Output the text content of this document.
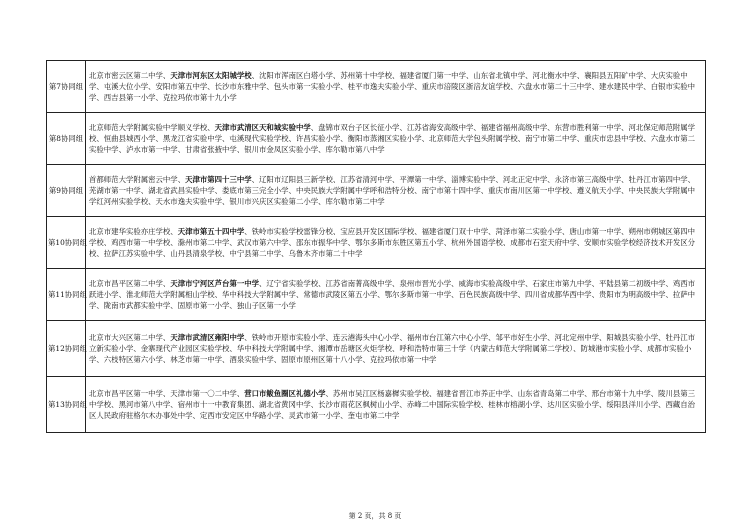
第7协同组	北京市密云区第二中学、天津市河东区太阳城学校、沈阳市浑南区白塔小学、苏州第十中学校、福建省厦门第一中学、山东省北镇中学、河北衡水中学、襄阳县五阳矿中学、大庆实验中学、屯溪大位小学、安阳市第五中学、长沙市东雅中学、包头市第一实验小学、桂平市逸夫实验小学、重庆市涪陵区浙涪友谊学校、六盘水市第二十三中学、建水建民中学、白银市实验中学、西吉县第一小学、克拉玛依市第十九小学
第8协同组	北京师范大学附属实验中学顺义学校、天津市武清区天和城实验中学、盘锦市双台子区长征小学、江苏省海安高级中学、福建省福州高级中学、东营市胜利第一中学、河北保定师范附属学校、恒曲县城西小学、黑龙江省实验中学、屯溪现代实验学校、许昌实验小学、衡阳市蒸湘区实验小学、北京师范大学包头附属学校、南宁市第二中学、重庆市忠县中学校、六盘水市第二实验中学、泸水市第一中学、甘肃省张掖中学、银川市金凤区实验小学、库尔勒市第八中学
第9协同组	首都师范大学附属密云中学、天津市第四十三中学、辽阳市辽阳县三新学校、江苏省清河中学、平潭第一中学、淄博实验中学、河北正定中学、永济市第三高级中学、牡丹江市第四中学、芜湖市第一中学、湖北省武昌实验中学、娄底市第三完全小学、中央民族大学附属中学呼和浩特分校、南宁市第十四中学、重庆市南川区第一中学校、遵义航天小学、中央民族大学附属中学红河州实验学校、天水市逸夫实验中学、银川市兴庆区实验第二小学、库尔勒市第二中学
第10协同组	北京市建华实验亦庄学校、天津市第五十四中学、铁岭市实验学校雷锋分校、宝应县开发区国际学校、福建省厦门双十中学、菏泽市第二实验小学、唐山市第一中学、朔州市朔城区第四中学校、鸡西市第一中学校、滁州市第二中学、武汉市第六中学、邵东市振华中学、鄂尔多斯市东胜区第五小学、杭州外国语学校、成都市石室天府中学、安顺市实验学校经济技术开发区分校、拉萨江苏实验中学、山丹县清泉学校、中宁县第二中学、乌鲁木齐市第二十中学
第11协同组	北京市昌平区第二中学、天津市宁河区芦台第一中学、辽宁省实验学校、江苏省南菁高级中学、泉州市晋光小学、威海市实验高级中学、石家庄市第九中学、平陆县第二初级中学、鸡西市跃进小学、淮北师范大学附属相山学校、华中科技大学附属中学、常德市武陵区第五小学、鄂尔多斯市第一中学、百色民族高级中学、四川省成都华西中学、贵阳市为明高级中学、拉萨中学、陇南市武都实验中学、固原市第一小学、独山子区第一小学
第12协同组	北京市大兴区第二中学、天津市武清区雍阳中学、铁岭市开原市实验小学、连云港海头中心小学、福州市台江第六中心小学、邹平市好生小学、河北定州中学、阳城县实验小学、牡丹江市立新实验小学、金寨现代产业园区实验学校、华中科技大学附属中学、湘潭市岳塘区火炬学校、呼和浩特市第三十学（内蒙古师范大学附属第二学校）、防城港市实验小学、成都市实验小学、六枝特区第六小学、林芝市第一中学、酒泉实验中学、固原市原州区第十八小学、克拉玛依市第一中学
第13协同组	北京市昌平区第一中学、天津市第一〇二中学、营口市鲅鱼圈区礼德小学、苏州市吴江区杨嘉樨实验学校、福建省晋江市养正中学、山东省青岛第二中学、邢台市第十九中学、陵川县第三中学校、黑河市第八中学、宿州市十一中教育集团、湖北省黄冈中学、长沙市雨花区枫树山小学、赤峰二中国际实验学校、桂林市榕湖小学、达川区实验小学、绥阳县洋川小学、西藏自治区人民政府驻格尔木办事处中学、定西市安定区中华路小学、灵武市第一小学、奎屯市第二中学
第 2 页，共 8 页
